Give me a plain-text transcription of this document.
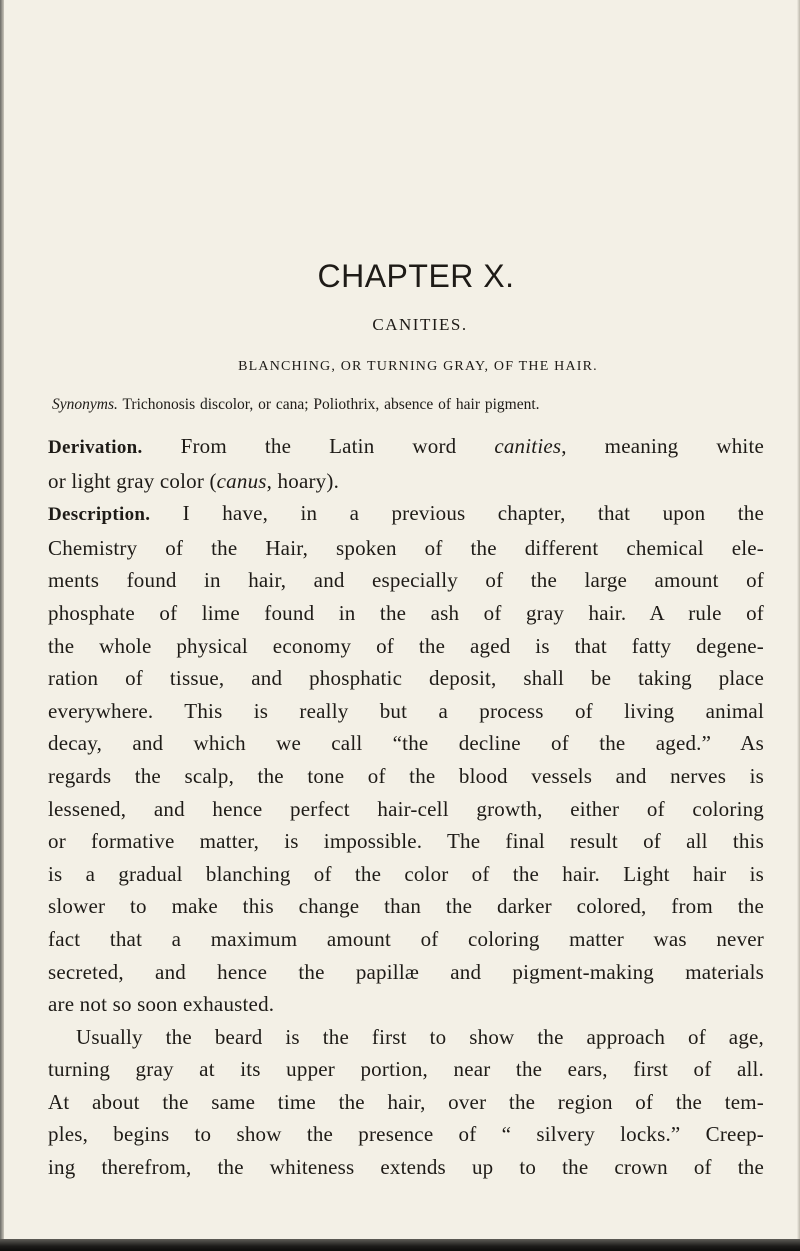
CHAPTER X.
CANITIES.
BLANCHING, OR TURNING GRAY, OF THE HAIR.
Synonyms. Trichonosis discolor, or cana; Poliothrix, absence of hair pigment.
Derivation. From the Latin word canities, meaning white
or light gray color (canus, hoary).
Description. I have, in a previous chapter, that upon the
Chemistry of the Hair, spoken of the different chemical ele-
ments found in hair, and especially of the large amount of
phosphate of lime found in the ash of gray hair. A rule of
the whole physical economy of the aged is that fatty degene-
ration of tissue, and phosphatic deposit, shall be taking place
everywhere. This is really but a process of living animal
decay, and which we call “the decline of the aged.” As
regards the scalp, the tone of the blood vessels and nerves is
lessened, and hence perfect hair-cell growth, either of coloring
or formative matter, is impossible. The final result of all this
is a gradual blanching of the color of the hair. Light hair is
slower to make this change than the darker colored, from the
fact that a maximum amount of coloring matter was never
secreted, and hence the papillæ and pigment-making materials
are not so soon exhausted.
Usually the beard is the first to show the approach of age,
turning gray at its upper portion, near the ears, first of all.
At about the same time the hair, over the region of the tem-
ples, begins to show the presence of “ silvery locks.” Creep-
ing therefrom, the whiteness extends up to the crown of the
